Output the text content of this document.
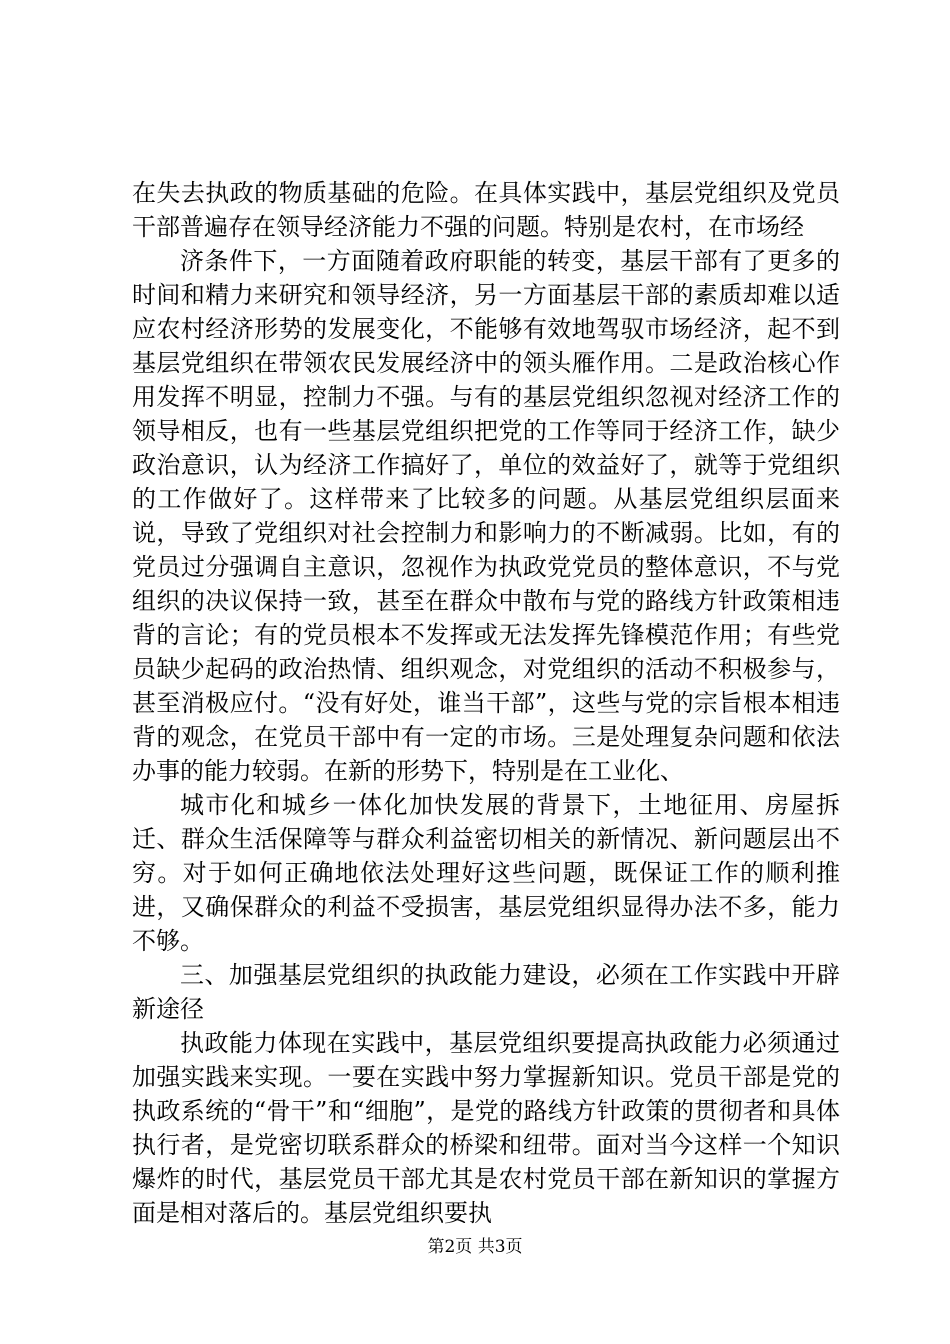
在失去执政的物质基础的危险。在具体实践中，基层党组织及党员干部普遍存在领导经济能力不强的问题。特别是农村，在市场经

济条件下，一方面随着政府职能的转变，基层干部有了更多的时间和精力来研究和领导经济，另一方面基层干部的素质却难以适应农村经济形势的发展变化，不能够有效地驾驭市场经济，起不到基层党组织在带领农民发展经济中的领头雁作用。二是政治核心作用发挥不明显，控制力不强。与有的基层党组织忽视对经济工作的领导相反，也有一些基层党组织把党的工作等同于经济工作，缺少政治意识，认为经济工作搞好了，单位的效益好了，就等于党组织的工作做好了。这样带来了比较多的问题。从基层党组织层面来说，导致了党组织对社会控制力和影响力的不断减弱。比如，有的党员过分强调自主意识，忽视作为执政党党员的整体意识，不与党组织的决议保持一致，甚至在群众中散布与党的路线方针政策相违背的言论；有的党员根本不发挥或无法发挥先锋模范作用；有些党员缺少起码的政治热情、组织观念，对党组织的活动不积极参与，甚至消极应付。“没有好处，谁当干部”，这些与党的宗旨根本相违背的观念，在党员干部中有一定的市场。三是处理复杂问题和依法办事的能力较弱。在新的形势下，特别是在工业化、

城市化和城乡一体化加快发展的背景下，土地征用、房屋拆迁、群众生活保障等与群众利益密切相关的新情况、新问题层出不穷。对于如何正确地依法处理好这些问题，既保证工作的顺利推进，又确保群众的利益不受损害，基层党组织显得办法不多，能力不够。

三、加强基层党组织的执政能力建设，必须在工作实践中开辟新途径

执政能力体现在实践中，基层党组织要提高执政能力必须通过加强实践来实现。一要在实践中努力掌握新知识。党员干部是党的执政系统的“骨干”和“细胞”，是党的路线方针政策的贯彻者和具体执行者，是党密切联系群众的桥梁和纽带。面对当今这样一个知识爆炸的时代，基层党员干部尤其是农村党员干部在新知识的掌握方面是相对落后的。基层党组织要执

第2页 共3页
